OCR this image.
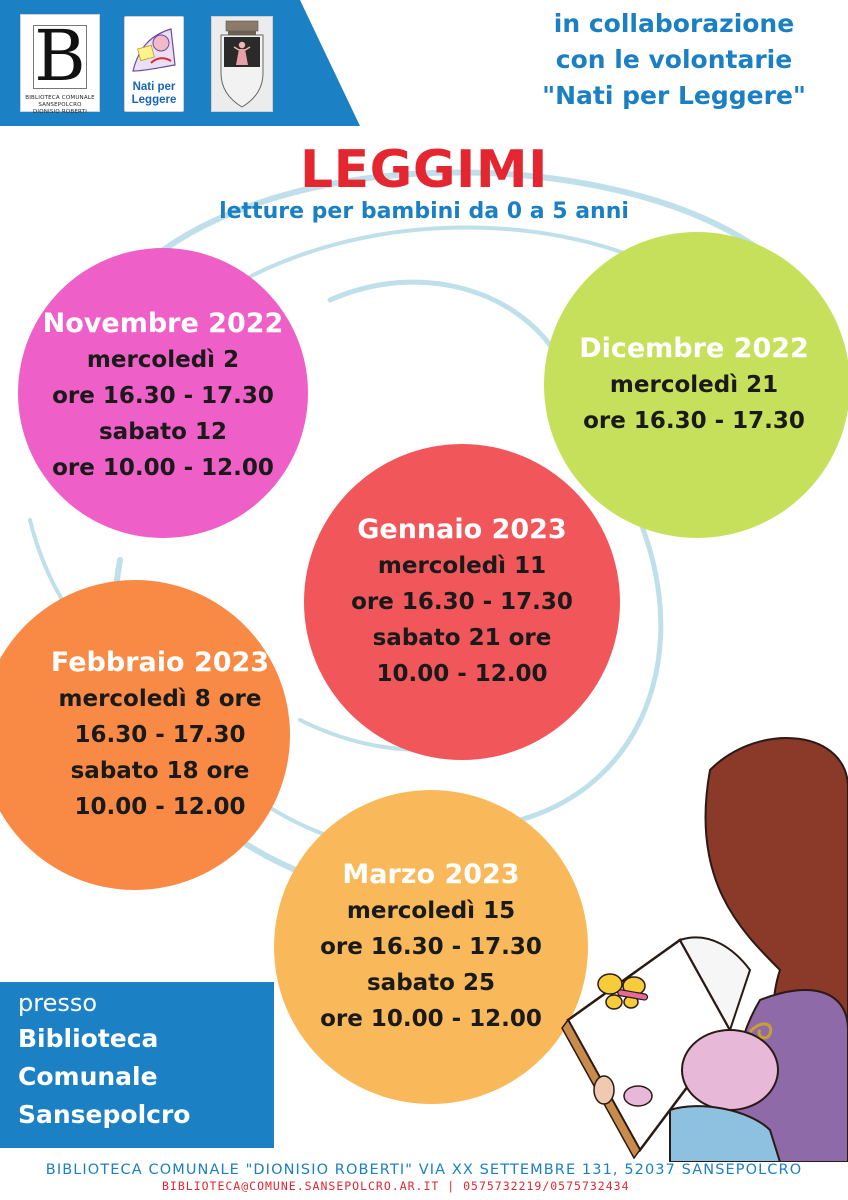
B
BIBLIOTECA COMUNALE
SANSEPOLCRO
DIONISIO ROBERTI
Nati per
Leggere
in collaborazione
con le volontarie
"Nati per Leggere"
LEGGIMI
letture per bambini da 0 a 5 anni
Novembre 2022
mercoledì 2
ore 16.30 - 17.30
sabato 12
ore 10.00 - 12.00
Dicembre 2022
mercoledì 21
ore 16.30 - 17.30
Gennaio 2023
mercoledì 11
ore 16.30 - 17.30
sabato 21 ore
10.00 - 12.00
Febbraio 2023
mercoledì 8 ore
16.30 - 17.30
sabato 18 ore
10.00 - 12.00
Marzo 2023
mercoledì 15
ore 16.30 - 17.30
sabato 25
ore 10.00 - 12.00
presso
Biblioteca
Comunale
Sansepolcro
BIBLIOTECA COMUNALE "DIONISIO ROBERTI" VIA XX SETTEMBRE 131, 52037 SANSEPOLCRO
BIBLIOTECA@COMUNE.SANSEPOLCRO.AR.IT | 0575732219/0575732434
